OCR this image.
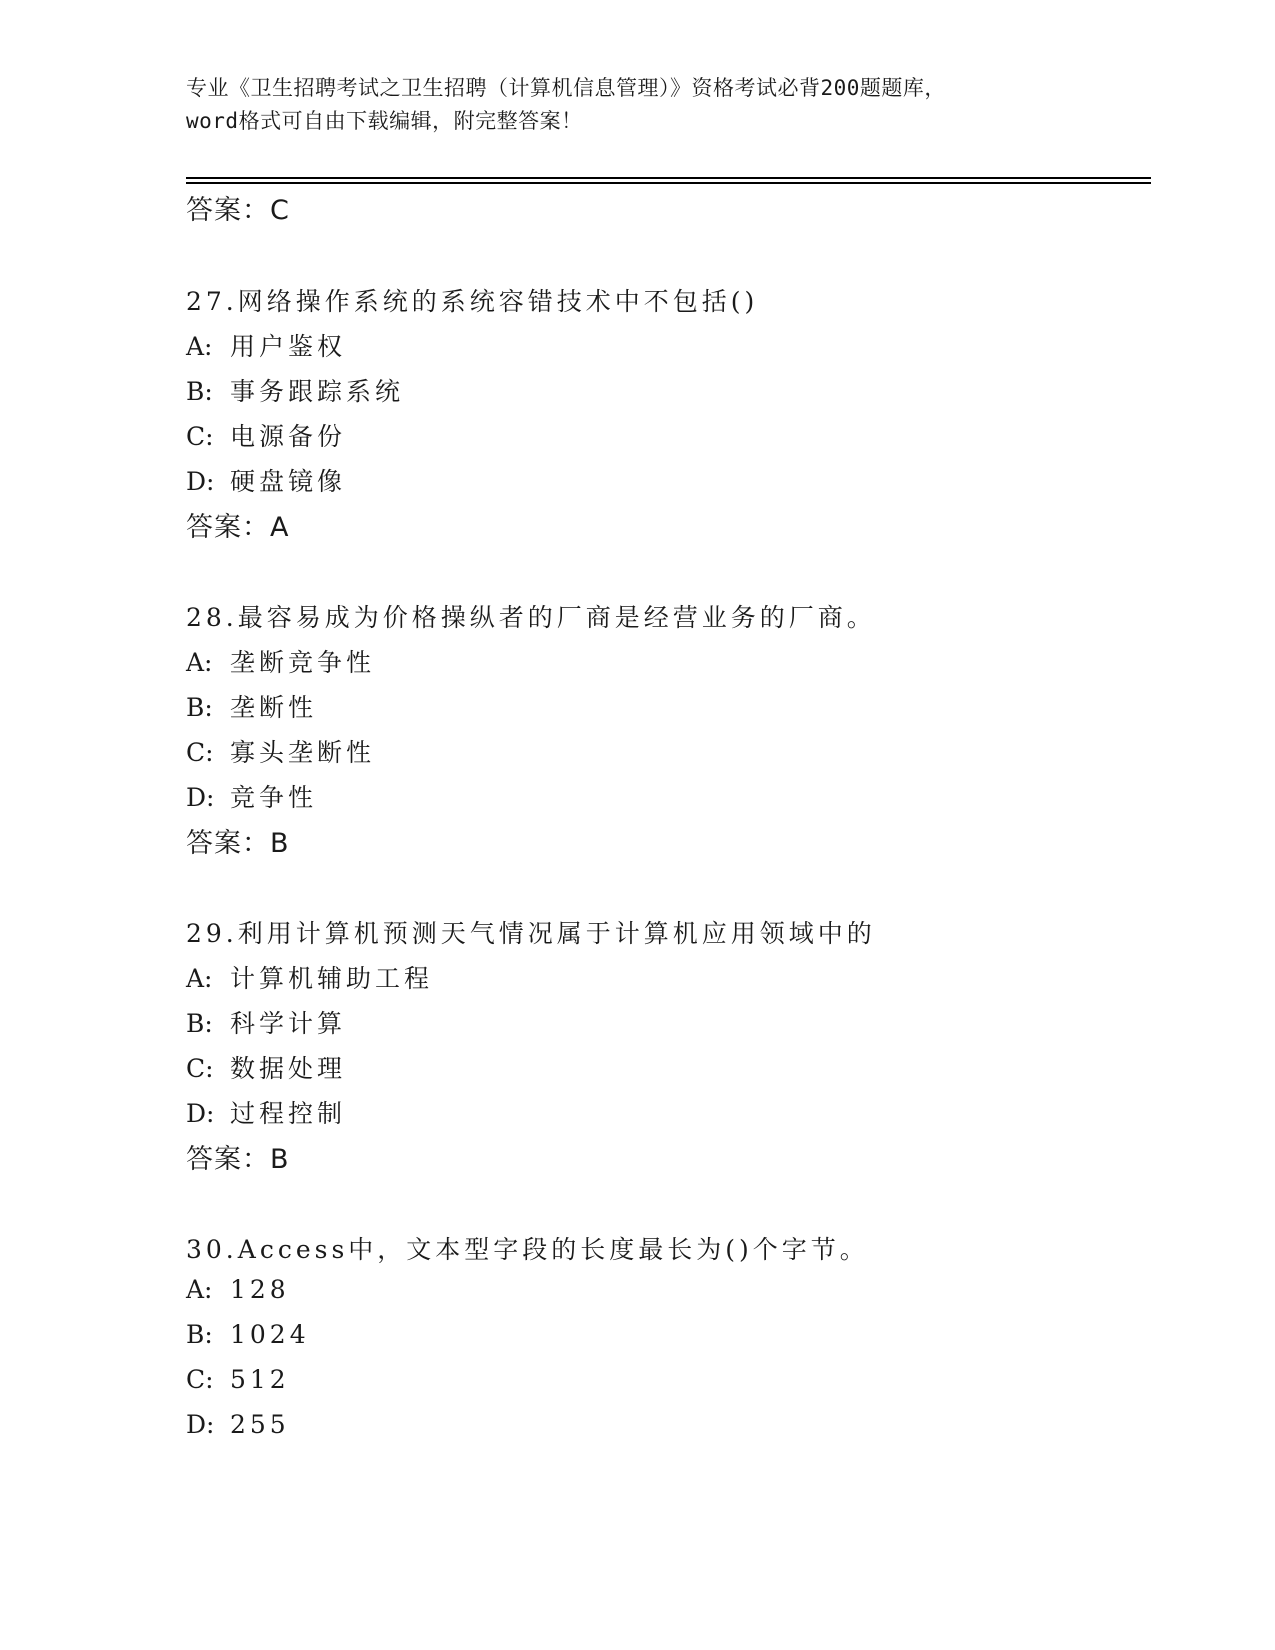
专业《卫生招聘考试之卫生招聘（计算机信息管理）》资格考试必背200题题库，
word格式可自由下载编辑，附完整答案！
答案：C
27.网络操作系统的系统容错技术中不包括()
A: 用户鉴权
B: 事务跟踪系统
C: 电源备份
D: 硬盘镜像
答案：A
28.最容易成为价格操纵者的厂商是经营业务的厂商。
A: 垄断竞争性
B: 垄断性
C: 寡头垄断性
D: 竞争性
答案：B
29.利用计算机预测天气情况属于计算机应用领域中的
A: 计算机辅助工程
B: 科学计算
C: 数据处理
D: 过程控制
答案：B
30.Access中，文本型字段的长度最长为()个字节。
A: 128
B: 1024
C: 512
D: 255
